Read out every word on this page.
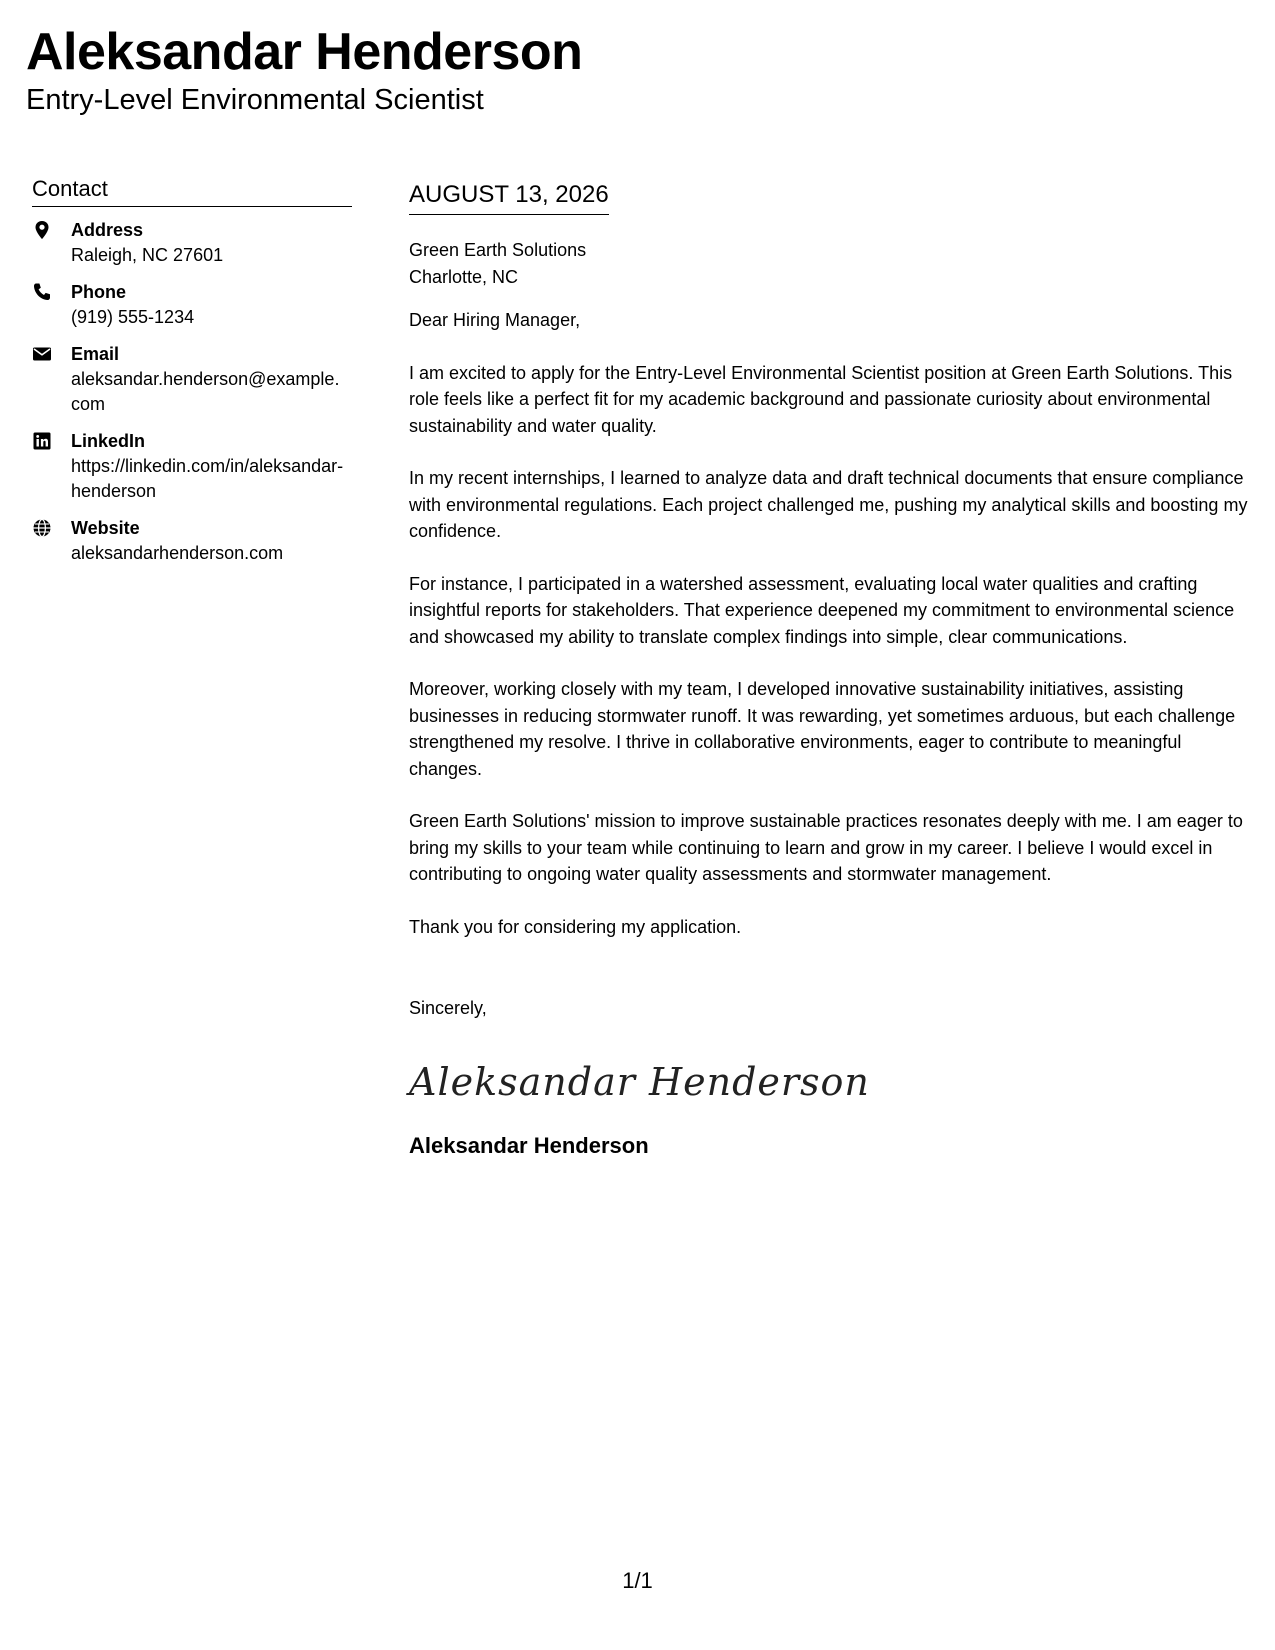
Aleksandar Henderson
Entry-Level Environmental Scientist
Contact
Address
Raleigh, NC 27601
Phone
(919) 555-1234
Email
aleksandar.henderson@example.com
LinkedIn
https://linkedin.com/in/aleksandar-henderson
Website
aleksandarhenderson.com
AUGUST 13, 2026
Green Earth Solutions
Charlotte, NC

Dear Hiring Manager,

I am excited to apply for the Entry-Level Environmental Scientist position at Green Earth Solutions. This role feels like a perfect fit for my academic background and passionate curiosity about environmental sustainability and water quality.

In my recent internships, I learned to analyze data and draft technical documents that ensure compliance with environmental regulations. Each project challenged me, pushing my analytical skills and boosting my confidence.

For instance, I participated in a watershed assessment, evaluating local water qualities and crafting insightful reports for stakeholders. That experience deepened my commitment to environmental science and showcased my ability to translate complex findings into simple, clear communications.

Moreover, working closely with my team, I developed innovative sustainability initiatives, assisting businesses in reducing stormwater runoff. It was rewarding, yet sometimes arduous, but each challenge strengthened my resolve. I thrive in collaborative environments, eager to contribute to meaningful changes.

Green Earth Solutions' mission to improve sustainable practices resonates deeply with me. I am eager to bring my skills to your team while continuing to learn and grow in my career. I believe I would excel in contributing to ongoing water quality assessments and stormwater management.

Thank you for considering my application.

Sincerely,
Aleksandar Henderson
Aleksandar Henderson
1/1
